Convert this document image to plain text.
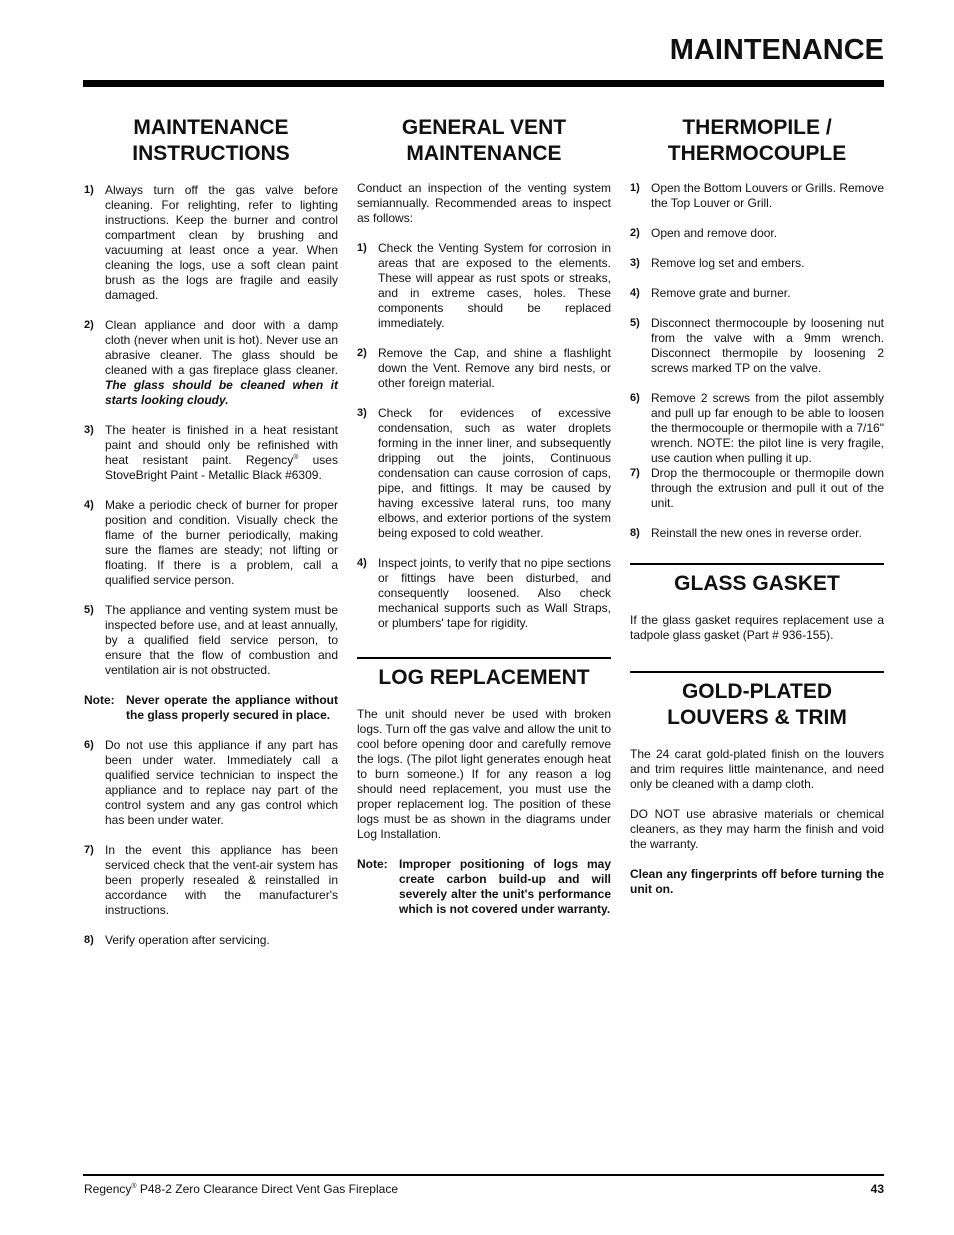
MAINTENANCE
MAINTENANCE INSTRUCTIONS
1) Always turn off the gas valve before cleaning. For relighting, refer to lighting instructions. Keep the burner and control compartment clean by brushing and vacuuming at least once a year. When cleaning the logs, use a soft clean paint brush as the logs are fragile and easily damaged.
2) Clean appliance and door with a damp cloth (never when unit is hot). Never use an abrasive cleaner. The glass should be cleaned with a gas fireplace glass cleaner. The glass should be cleaned when it starts looking cloudy.
3) The heater is finished in a heat resistant paint and should only be refinished with heat resistant paint. Regency® uses StoveBright Paint - Metallic Black #6309.
4) Make a periodic check of burner for proper position and condition. Visually check the flame of the burner periodically, making sure the flames are steady; not lifting or floating. If there is a problem, call a qualified service person.
5) The appliance and venting system must be inspected before use, and at least annually, by a qualified field service person, to ensure that the flow of combustion and ventilation air is not obstructed.
Note: Never operate the appliance without the glass properly secured in place.
6) Do not use this appliance if any part has been under water. Immediately call a qualified service technician to inspect the appliance and to replace nay part of the control system and any gas control which has been under water.
7) In the event this appliance has been serviced check that the vent-air system has been properly resealed & reinstalled in accordance with the manufacturer's instructions.
8) Verify operation after servicing.
GENERAL VENT MAINTENANCE
Conduct an inspection of the venting system semiannually. Recommended areas to inspect as follows:
1) Check the Venting System for corrosion in areas that are exposed to the elements. These will appear as rust spots or streaks, and in extreme cases, holes. These components should be replaced immediately.
2) Remove the Cap, and shine a flashlight down the Vent. Remove any bird nests, or other foreign material.
3) Check for evidences of excessive condensation, such as water droplets forming in the inner liner, and subsequently dripping out the joints, Continuous condensation can cause corrosion of caps, pipe, and fittings. It may be caused by having excessive lateral runs, too many elbows, and exterior portions of the system being exposed to cold weather.
4) Inspect joints, to verify that no pipe sections or fittings have been disturbed, and consequently loosened. Also check mechanical supports such as Wall Straps, or plumbers' tape for rigidity.
LOG REPLACEMENT
The unit should never be used with broken logs. Turn off the gas valve and allow the unit to cool before opening door and carefully remove the logs. (The pilot light generates enough heat to burn someone.) If for any reason a log should need replacement, you must use the proper replacement log. The position of these logs must be as shown in the diagrams under Log Installation.
Note: Improper positioning of logs may create carbon build-up and will severely alter the unit's performance which is not covered under warranty.
THERMOPILE / THERMOCOUPLE
1) Open the Bottom Louvers or Grills. Remove the Top Louver or Grill.
2) Open and remove door.
3) Remove log set and embers.
4) Remove grate and burner.
5) Disconnect thermocouple by loosening nut from the valve with a 9mm wrench. Disconnect thermopile by loosening 2 screws marked TP on the valve.
6) Remove 2 screws from the pilot assembly and pull up far enough to be able to loosen the thermocouple or thermopile with a 7/16" wrench. NOTE: the pilot line is very fragile, use caution when pulling it up.
7) Drop the thermocouple or thermopile down through the extrusion and pull it out of the unit.
8) Reinstall the new ones in reverse order.
GLASS GASKET
If the glass gasket requires replacement use a tadpole glass gasket (Part # 936-155).
GOLD-PLATED LOUVERS & TRIM
The 24 carat gold-plated finish on the louvers and trim requires little maintenance, and need only be cleaned with a damp cloth.
DO NOT use abrasive materials or chemical cleaners, as they may harm the finish and void the warranty.
Clean any fingerprints off before turning the unit on.
Regency® P48-2 Zero Clearance Direct Vent Gas Fireplace	43
